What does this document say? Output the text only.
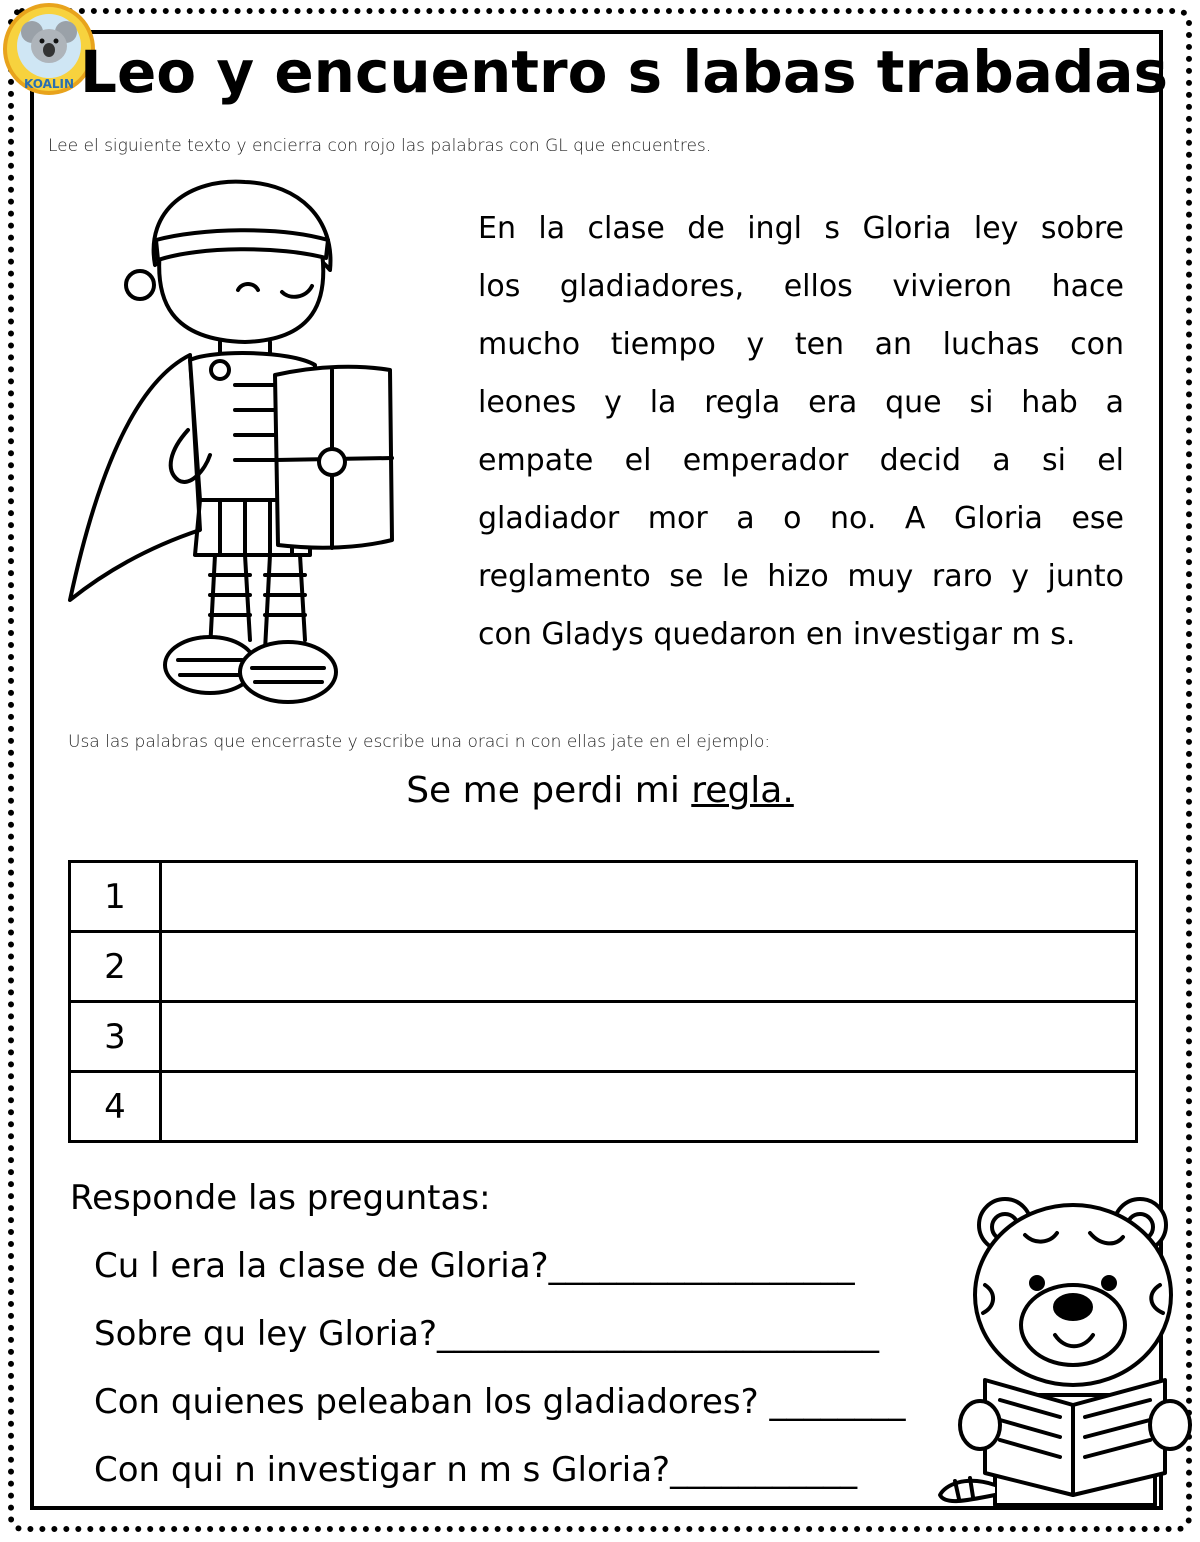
KOALIN Leo y encuentro s labas trabadas

Lee el siguiente texto y encierra con rojo las palabras con GL que encuentres.

En la clase de ingl s Gloria ley sobre
los gladiadores, ellos vivieron hace
mucho tiempo y ten an luchas con
leones y la regla era que si hab a
empate el emperador decid a si el
gladiador mor a o no. A Gloria ese
reglamento se le hizo muy raro y junto
con Gladys quedaron en investigar m s.

Usa las palabras que encerraste y escribe una oraci n con ellas jate en el ejemplo:

Se me perdi mi regla.

1	
2	
3	
4	

Responde las preguntas:

Cu l era la clase de Gloria?__________________

Sobre qu ley Gloria?__________________________

Con quienes peleaban los gladiadores? ________

Con qui n investigar n m s Gloria?___________
